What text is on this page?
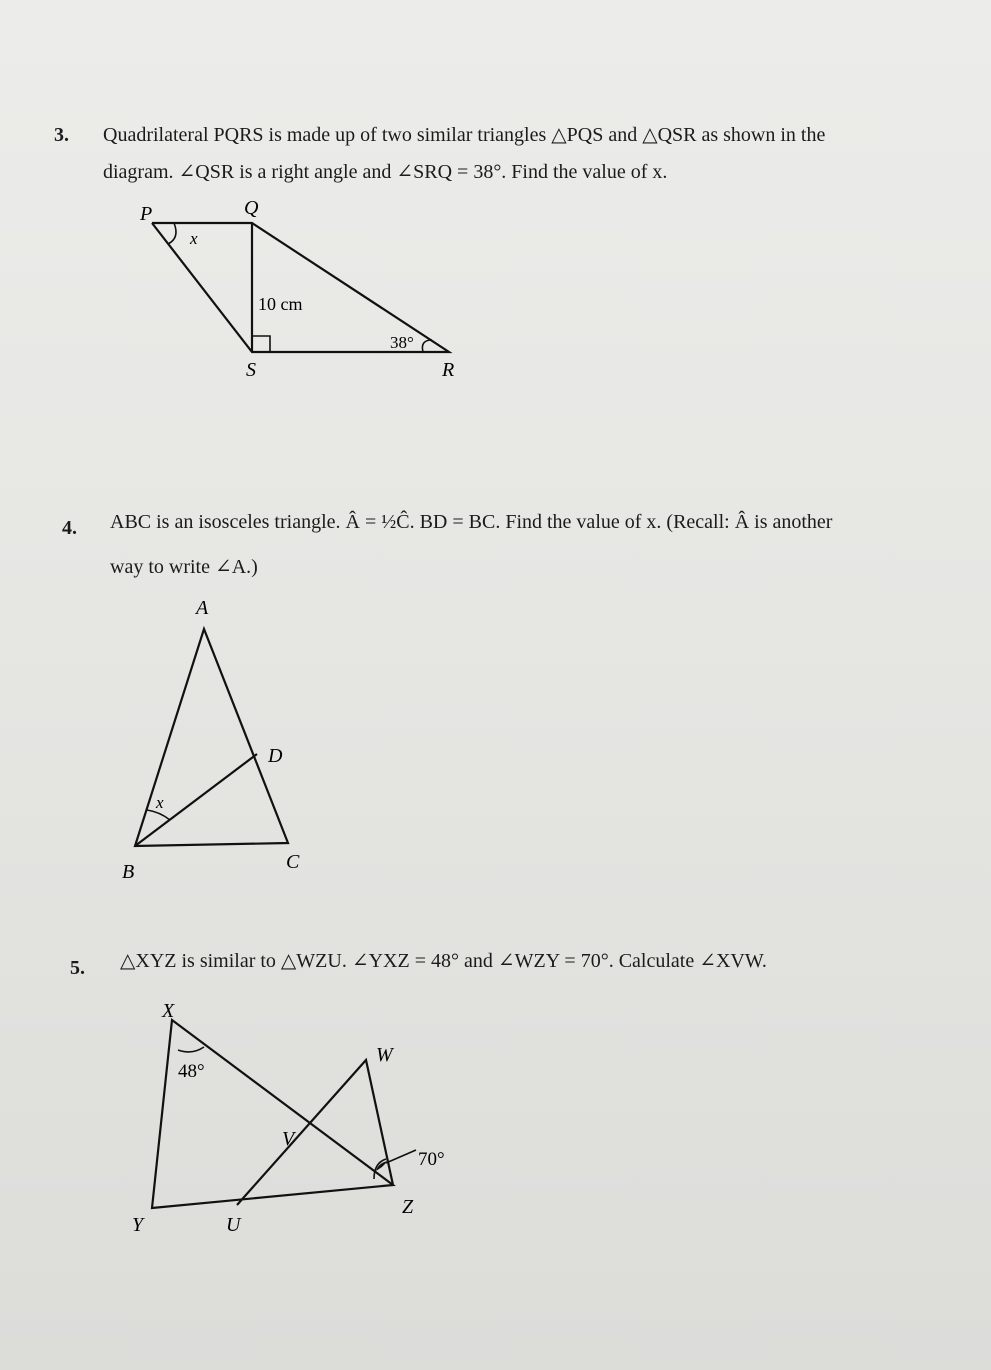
3. Quadrilateral PQRS is made up of two similar triangles △PQS and △QSR as shown in the
diagram. ∠QSR is a right angle and ∠SRQ = 38°. Find the value of x.
P	Q
S	R
x
10 cm
38°
4. ABC is an isosceles triangle. Â = ½Ĉ. BD = BC. Find the value of x. (Recall: Â is another
way to write ∠A.)
A
D
B	C
x
5. △XYZ is similar to △WZU. ∠YXZ = 48° and ∠WZY = 70°. Calculate ∠XVW.
X
Y
Z
W
U
V
48°
70°
